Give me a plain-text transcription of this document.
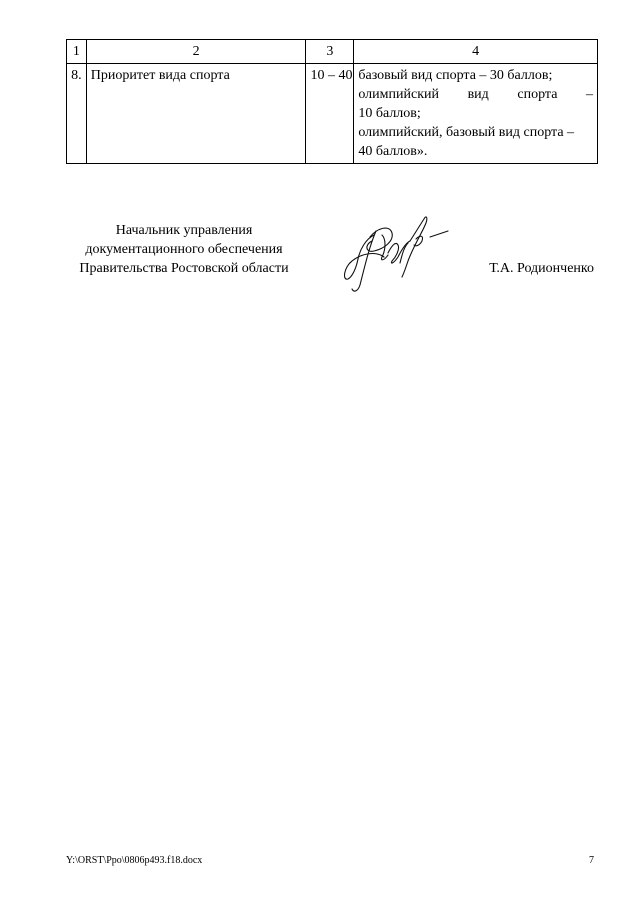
1	2	3	4
8.	Приоритет вида спорта	10 – 40	базовый вид спорта – 30 баллов;
олимпийский вид спорта –
10 баллов;
олимпийский, базовый вид спорта –
40 баллов».
Начальник управления
документационного обеспечения
Правительства Ростовской области	Т.А. Родионченко
Y:\ORST\Ppo\0806p493.f18.docx	7
